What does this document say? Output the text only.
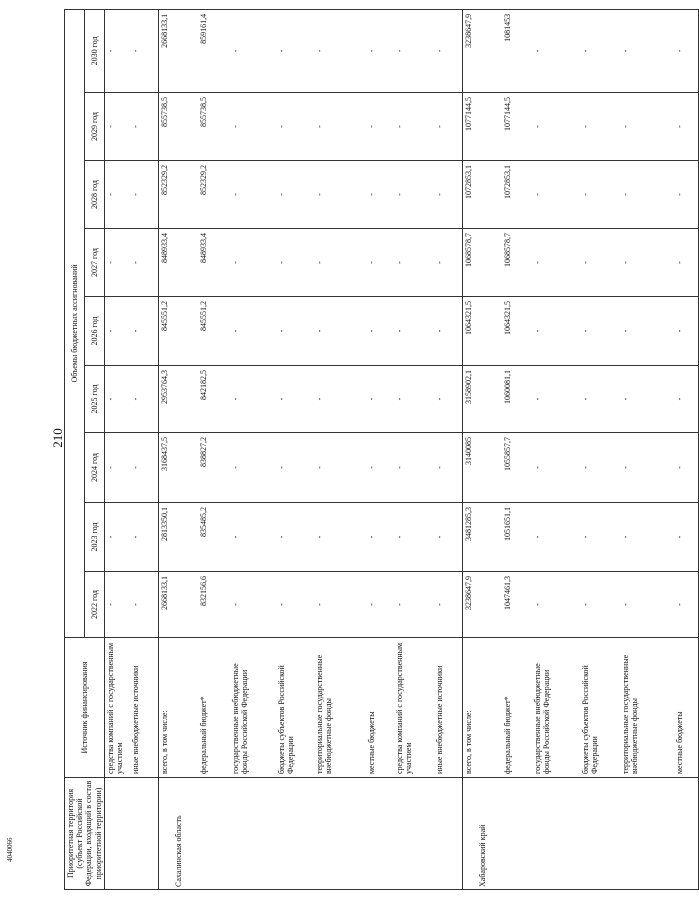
210
4040066	Приоритетная территория (субъект Российской Федерации, входящий в состав приоритетной территории)	Источник финансирования	Объемы бюджетных ассигнований								
		2022 год	2023 год	2024 год	2025 год	2026 год	2027 год	2028 год	2029 год	2030 год
	средства компаний с государственным участием	-	-	-	-	-	-	-	-	-
	иные внебюджетные источники	-	-	-	-	-	-	-	-	-
Сахалинская область	всего, в том числе:	2668133,1	2813350,1	3168437,5	2953764,3	845551,2	848933,4	852329,2	855738,5	2668133,1
	федеральный бюджет*	832156,6	835485,2	838827,2	842182,5	845551,2	848933,4	852329,2	855738,5	859161,4
	государственные внебюджетные фонды Российской Федерации	-	-	-	-	-	-	-	-	-
	бюджеты субъектов Российской Федерации	-	-	-	-	-	-	-	-	-
	территориальные государственные внебюджетные фонды	-	-	-	-	-	-	-	-	-
	местные бюджеты	-	-	-	-	-	-	-	-	-
	средства компаний с государственным участием	-	-	-	-	-	-	-	-	-
	иные внебюджетные источники	-	-	-	-	-	-	-	-	-
Хабаровский край	всего, в том числе:	3238647,9	3481285,3	3140085	3158902,1	1064321,5	1068578,7	1072853,1	1077144,5	3238647,9
	федеральный бюджет*	1047461,3	1051651,1	1055857,7	1060081,1	1064321,5	1068578,7	1072853,1	1077144,5	1081453
	государственные внебюджетные фонды Российской Федерации	-	-	-	-	-	-	-	-	-
	бюджеты субъектов Российской Федерации	-	-	-	-	-	-	-	-	-
	территориальные государственные внебюджетные фонды	-	-	-	-	-	-	-	-	-
	местные бюджеты	-	-	-	-	-	-	-	-	-
